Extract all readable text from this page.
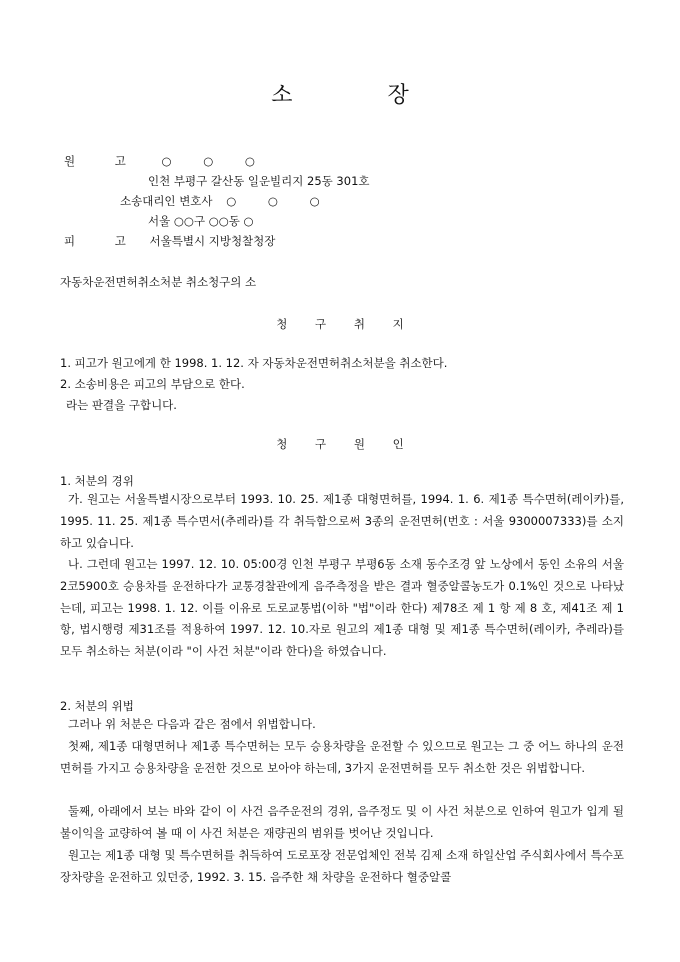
소 장
원 고 ○ ○ ○
인천 부평구 갈산동 일운빌리지 25동 301호
소송대리인 변호사 ○ ○ ○
서울 ○○구 ○○동 ○
피 고 서울특별시 지방청찰청장
자동차운전면허취소처분 취소청구의 소
청 구 취 지
1. 피고가 원고에게 한 1998. 1. 12. 자 자동차운전면허취소처분을 취소한다.
2. 소송비용은 피고의 부담으로 한다.
라는 판결을 구합니다.
청 구 원 인
1. 처분의 경위

가. 원고는 서울특별시장으로부터 1993. 10. 25. 제1종 대형면허를, 1994. 1. 6. 제1종 특수면허(레이카)를, 1995. 11. 25. 제1종 특수면서(추레라)를 각 취득함으로써 3종의 운전면허(번호 : 서울 9300007333)를 소지하고 있습니다.

나. 그런데 원고는 1997. 12. 10. 05:00경 인천 부평구 부평6동 소재 동수조경 앞 노상에서 동인 소유의 서울 2코5900호 승용차를 운전하다가 교통경찰관에게 음주측정을 받은 결과 혈중알콜농도가 0.1%인 것으로 나타났는데, 피고는 1998. 1. 12. 이를 이유로 도로교통법(이하 "법"이라 한다) 제78조 제 1 항 제 8 호, 제41조 제 1 항, 법시행령 제31조를 적용하여 1997. 12. 10.자로 원고의 제1종 대형 및 제1종 특수면허(레이카, 추레라)를 모두 취소하는 처분(이라 "이 사건 처분"이라 한다)을 하였습니다.

2. 처분의 위법

그러나 위 처분은 다음과 같은 점에서 위법합니다.

첫째, 제1종 대형면허나 제1종 특수면허는 모두 승용차량을 운전할 수 있으므로 원고는 그 중 어느 하나의 운전면허를 가지고 승용차량을 운전한 것으로 보아야 하는데, 3가지 운전면허를 모두 취소한 것은 위법합니다.

둘째, 아래에서 보는 바와 같이 이 사건 음주운전의 경위, 음주정도 및 이 사건 처분으로 인하여 원고가 입게 될 불이익을 교량하여 볼 때 이 사건 처분은 재량권의 범위를 벗어난 것입니다.

원고는 제1종 대형 및 특수면허를 취득하여 도로포장 전문업체인 전북 김제 소재 하일산업 주식회사에서 특수포장차량을 운전하고 있던중, 1992. 3. 15. 음주한 채 차량을 운전하다 혈중알콜
